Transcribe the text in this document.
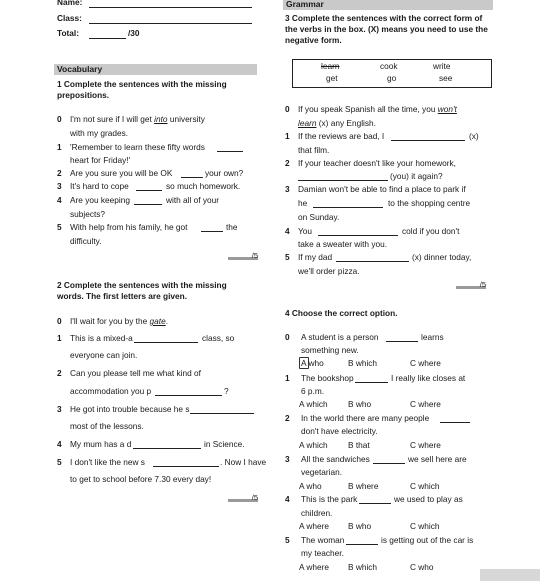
Name:
Class:
Total:	/30
Grammar
3 Complete the sentences with the correct form of
the verbs in the box. (X) means you need to use the
negative form.
learn	cook	write
get	go	see
Vocabulary
1 Complete the sentences with the missing
prepositions.
0 I'm not sure if I will get into university
with my grades.
1 'Remember to learn these fifty words
heart for Friday!'
2 Are you sure you will be OK	your own?
3 It's hard to cope	so much homework.
4 Are you keeping	with all of your
subjects?
5 With help from his family, he got	the
difficulty.
/5
0 If you speak Spanish all the time, you won't
learn (x) any English.
1 If the reviews are bad, I	(x)
that film.
2 If your teacher doesn't like your homework,
(you) it again?
3 Damian won't be able to find a place to park if
he	to the shopping centre
on Sunday.
4 You	cold if you don't
take a sweater with you.
5 If my dad	(x) dinner today,
we'll order pizza.
/5
2 Complete the sentences with the missing
words. The first letters are given.
0 I'll wait for you by the gate.
1 This is a mixed-a	class, so
everyone can join.
2 Can you please tell me what kind of
accommodation you p	?
3 He got into trouble because he s
most of the lessons.
4 My mum has a d	in Science.
5 I don't like the new s	. Now I have
to get to school before 7.30 every day!
/5
4 Choose the correct option.
0 A student is a person	learns
something new.
A who	B which	C where
1 The bookshop	I really like closes at
6 p.m.
A which B who	C where
2 In the world there are many people
don't have electricity.
A which B that	C where
3 All the sandwiches	we sell here are
vegetarian.
A who	B where	C which
4 This is the park	we used to play as
children.
A where B who	C which
5 The woman	is getting out of the car is
my teacher.
A where B which	C who
